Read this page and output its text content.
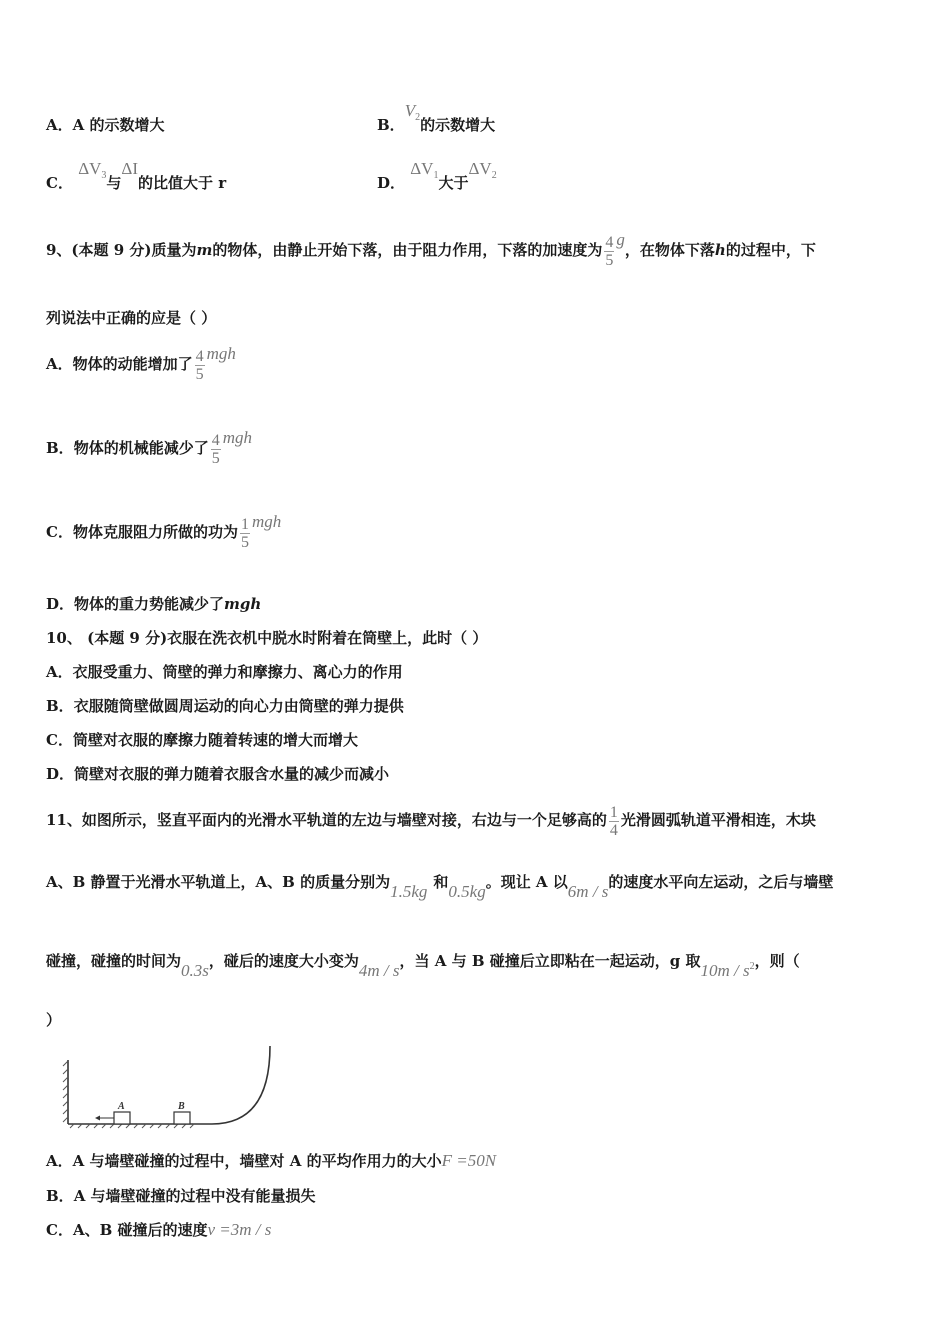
A．A 的示数增大	B．$V_2$的示数增大
C． $\Delta V_3$与ΔI的比值大于 r	D． $\Delta V_1$大于$\Delta V_2$
9、(本题 9 分)质量为m的物体，由静止开始下落，由于阻力作用，下落的加速度为 $\frac{4}{5}$ g，在物体下落h的过程中，下
列说法中正确的应是（ ）
A．物体的动能增加了 $\frac{4}{5}$ mgh
B．物体的机械能减少了 $\frac{4}{5}$ mgh
C．物体克服阻力所做的功为 $\frac{1}{5}$ mgh
D．物体的重力势能减少了mgh
10、 (本题 9 分)衣服在洗衣机中脱水时附着在筒壁上，此时（ ）
A．衣服受重力、筒壁的弹力和摩擦力、离心力的作用
B．衣服随筒壁做圆周运动的向心力由筒壁的弹力提供
C．筒壁对衣服的摩擦力随着转速的增大而增大
D．筒壁对衣服的弹力随着衣服含水量的减少而减小
11、如图所示，竖直平面内的光滑水平轨道的左边与墙壁对接，右边与一个足够高的 $\frac{1}{4}$ 光滑圆弧轨道平滑相连，木块
A、B 静置于光滑水平轨道上，A、B 的质量分别为1.5kg 和0.5kg。现让 A 以6m / s的速度水平向左运动，之后与墙壁
碰撞，碰撞的时间为0.3s，碰后的速度大小变为4m / s，当 A 与 B 碰撞后立即粘在一起运动，g 取$10m / s^2$，则（
）
A	B
A．A 与墙壁碰撞的过程中，墙壁对 A 的平均作用力的大小F =50N
B．A 与墙壁碰撞的过程中没有能量损失
C．A、B 碰撞后的速度v =3m / s
